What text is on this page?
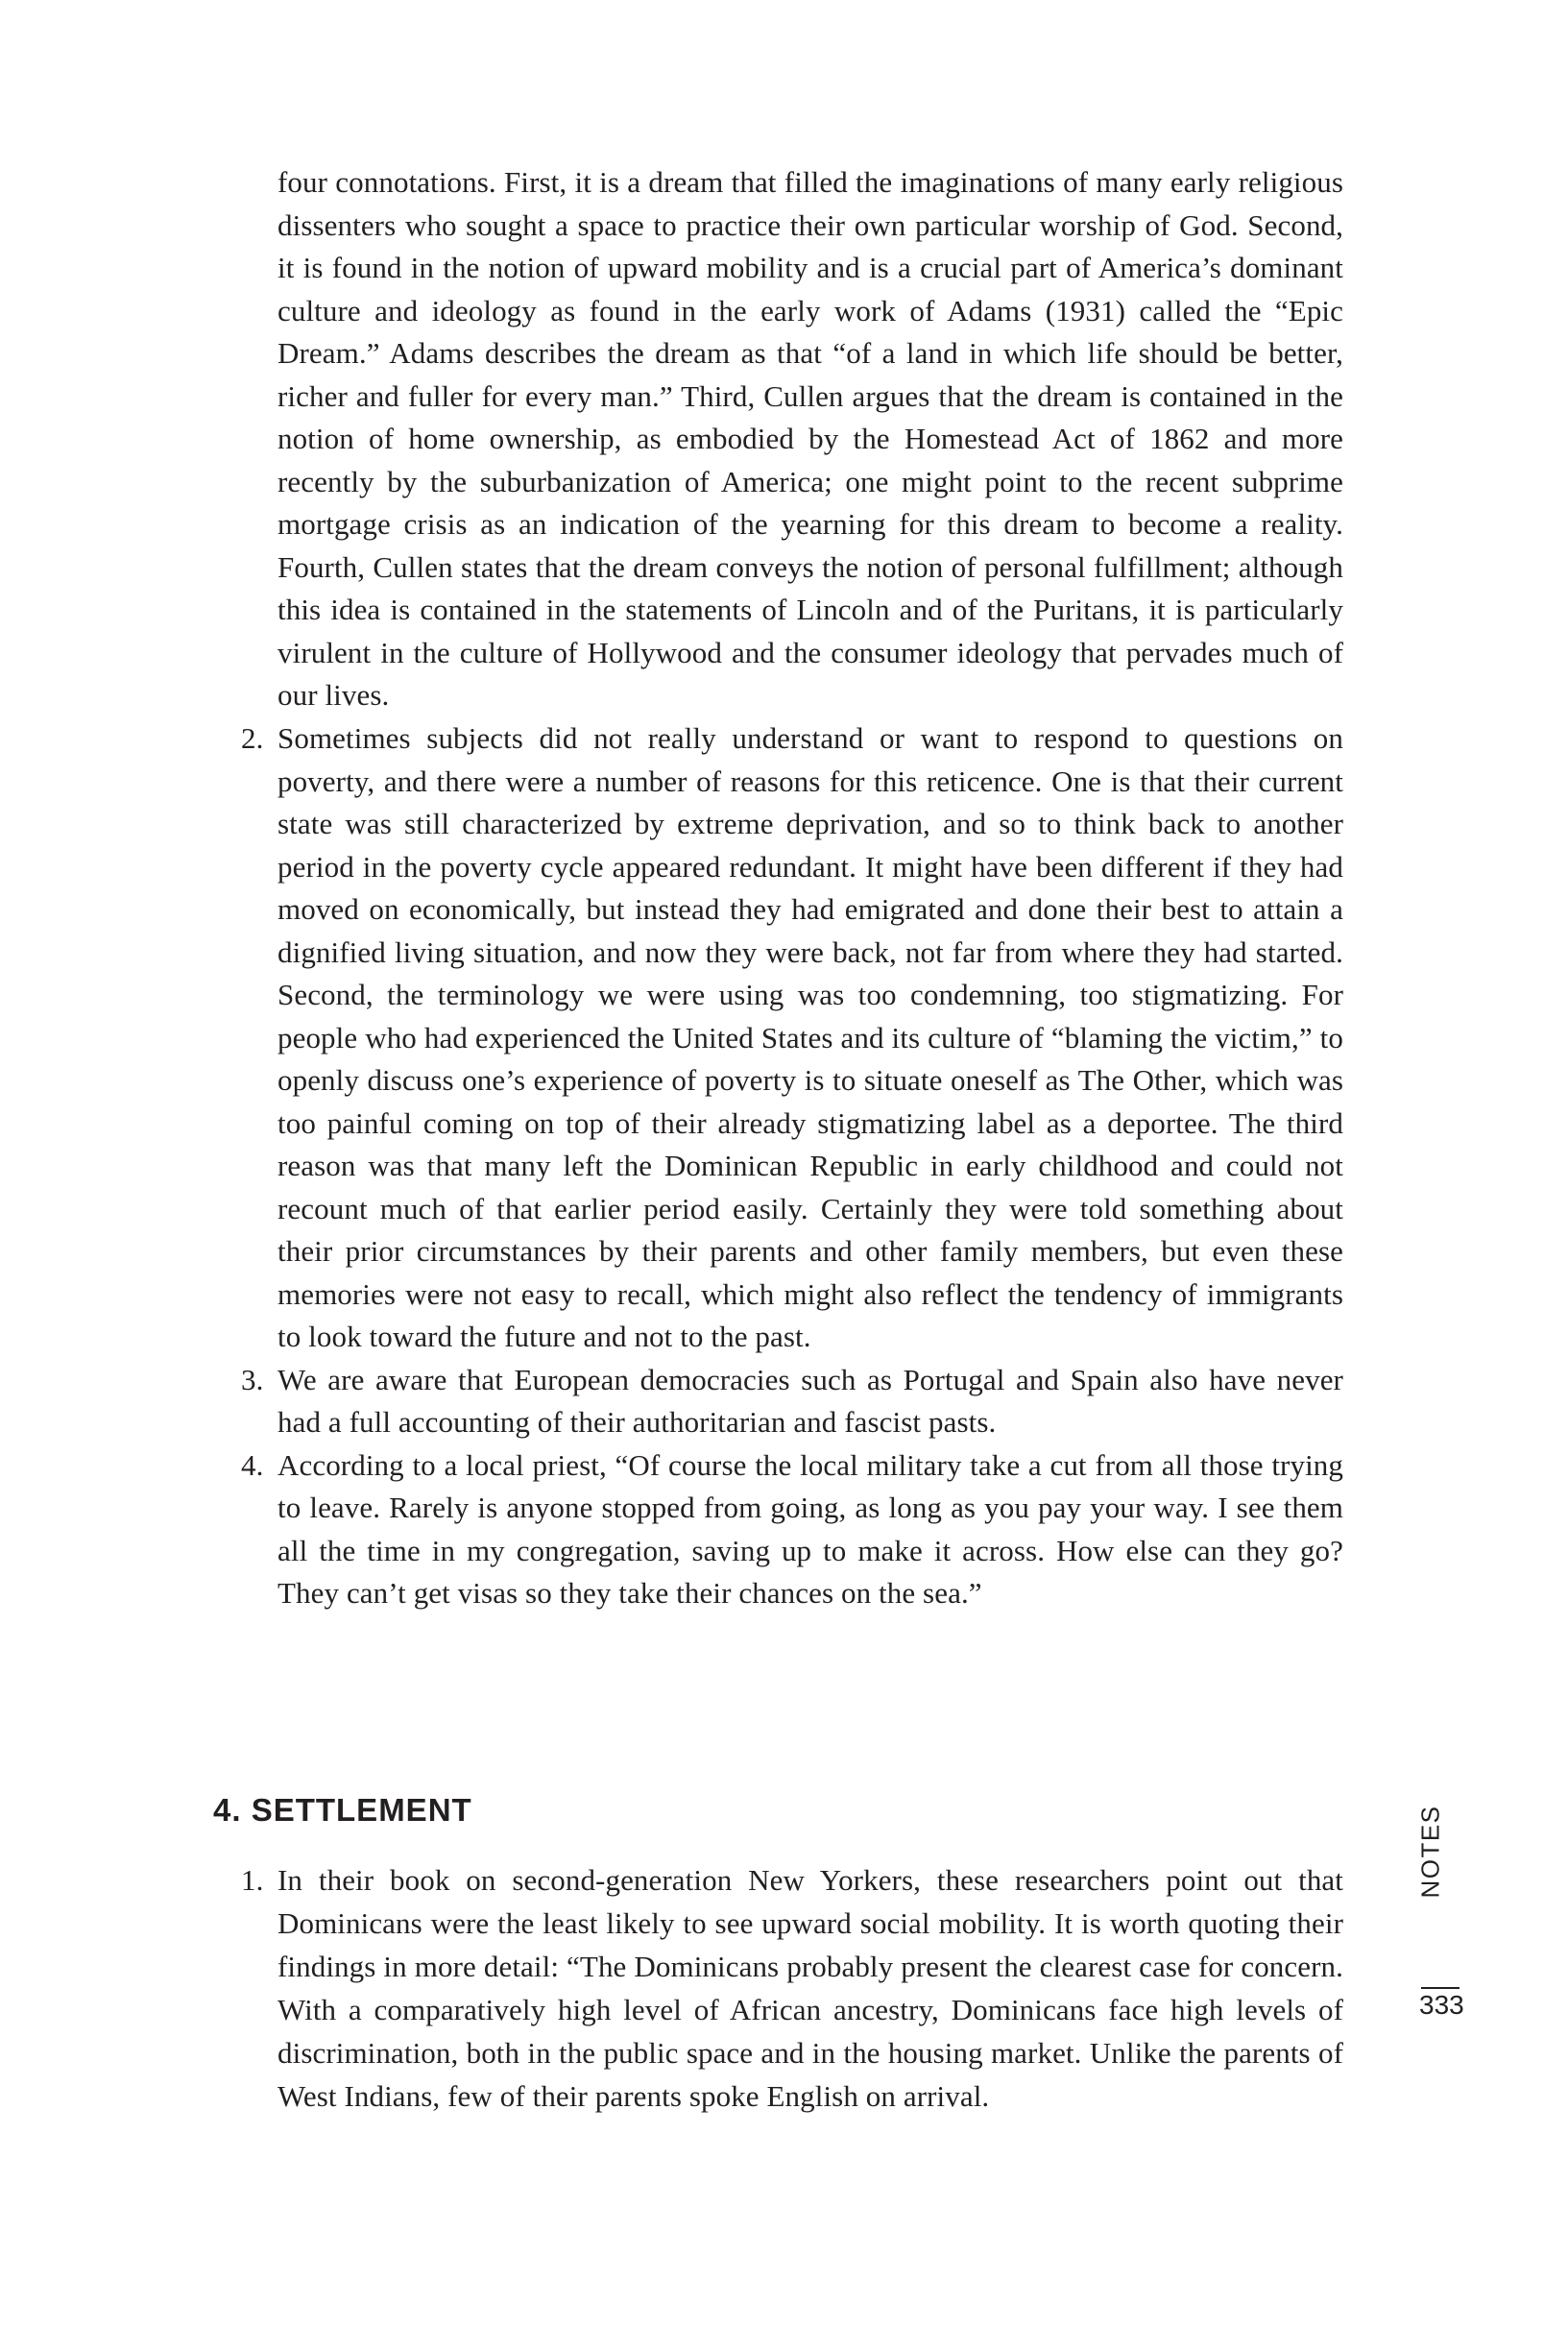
four connotations. First, it is a dream that filled the imaginations of many early religious dissenters who sought a space to practice their own particular worship of God. Second, it is found in the notion of upward mobility and is a crucial part of America’s dominant culture and ideology as found in the early work of Adams (1931) called the “Epic Dream.” Adams describes the dream as that “of a land in which life should be better, richer and fuller for every man.” Third, Cullen argues that the dream is contained in the notion of home ownership, as embodied by the Homestead Act of 1862 and more recently by the suburbanization of America; one might point to the recent subprime mortgage crisis as an indication of the yearning for this dream to become a reality. Fourth, Cullen states that the dream conveys the notion of personal fulfillment; although this idea is contained in the statements of Lincoln and of the Puritans, it is particularly virulent in the culture of Hollywood and the consumer ideology that pervades much of our lives.

2. Sometimes subjects did not really understand or want to respond to questions on poverty, and there were a number of reasons for this reticence. One is that their current state was still characterized by extreme deprivation, and so to think back to another period in the poverty cycle appeared redundant. It might have been different if they had moved on economically, but instead they had emigrated and done their best to attain a dignified living situation, and now they were back, not far from where they had started. Second, the terminology we were using was too condemning, too stigmatizing. For people who had experienced the United States and its culture of “blaming the victim,” to openly discuss one’s experience of poverty is to situate oneself as The Other, which was too painful coming on top of their already stigmatizing label as a deportee. The third reason was that many left the Dominican Republic in early childhood and could not recount much of that earlier period easily. Certainly they were told something about their prior circumstances by their parents and other family members, but even these memories were not easy to recall, which might also reflect the tendency of immigrants to look toward the future and not to the past.
3. We are aware that European democracies such as Portugal and Spain also have never had a full accounting of their authoritarian and fascist pasts.
4. According to a local priest, “Of course the local military take a cut from all those trying to leave. Rarely is anyone stopped from going, as long as you pay your way. I see them all the time in my congregation, saving up to make it across. How else can they go? They can’t get visas so they take their chances on the sea.”
4. SETTLEMENT
1. In their book on second-generation New Yorkers, these researchers point out that Dominicans were the least likely to see upward social mobility. It is worth quoting their findings in more detail: “The Dominicans probably present the clearest case for concern. With a comparatively high level of African ancestry, Dominicans face high levels of discrimination, both in the public space and in the housing market. Unlike the parents of West Indians, few of their parents spoke English on arrival.
NOTES
333
